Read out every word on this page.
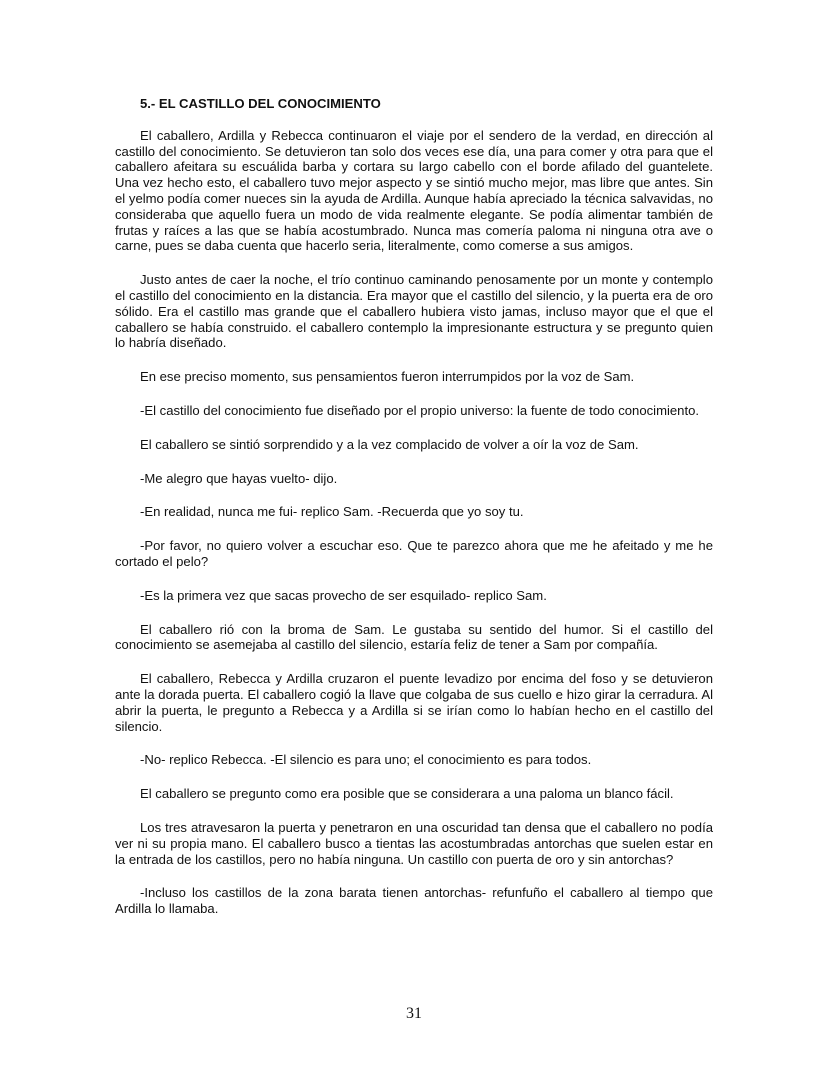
5.- EL CASTILLO DEL CONOCIMIENTO

El caballero, Ardilla y Rebecca continuaron el viaje por el sendero de la verdad, en dirección al castillo del conocimiento. Se detuvieron tan solo dos veces ese día, una para comer y otra para que el caballero afeitara su escuálida barba y cortara su largo cabello con el borde afilado del guantelete. Una vez hecho esto, el caballero tuvo mejor aspecto y se sintió mucho mejor, mas libre que antes. Sin el yelmo podía comer nueces sin la ayuda de Ardilla. Aunque había apreciado la técnica salvavidas, no consideraba que aquello fuera un modo de vida realmente elegante. Se podía alimentar también de frutas y raíces a las que se había acostumbrado. Nunca mas comería paloma ni ninguna otra ave o carne, pues se daba cuenta que hacerlo seria, literalmente, como comerse a sus amigos.

Justo antes de caer la noche, el trío continuo caminando penosamente por un monte y contemplo el castillo del conocimiento en la distancia. Era mayor que el castillo del silencio, y la puerta era de oro sólido. Era el castillo mas grande que el caballero hubiera visto jamas, incluso mayor que el que el caballero se había construido. el caballero contemplo la impresionante estructura y se pregunto quien lo habría diseñado.

En ese preciso momento, sus pensamientos fueron interrumpidos por la voz de Sam.

-El castillo del conocimiento fue diseñado por el propio universo: la fuente de todo conocimiento.

El caballero se sintió sorprendido y a la vez complacido de volver a oír la voz de Sam.

-Me alegro que hayas vuelto- dijo.

-En realidad, nunca me fui- replico Sam. -Recuerda que yo soy tu.

-Por favor, no quiero volver a escuchar eso. Que te parezco ahora que me he afeitado y me he cortado el pelo?

-Es la primera vez que sacas provecho de ser esquilado- replico Sam.

El caballero rió con la broma de Sam. Le gustaba su sentido del humor. Si el castillo del conocimiento se asemejaba al castillo del silencio, estaría feliz de tener a Sam por compañía.

El caballero, Rebecca y Ardilla cruzaron el puente levadizo por encima del foso y se detuvieron ante la dorada puerta. El caballero cogió la llave que colgaba de sus cuello e hizo girar la cerradura. Al abrir la puerta, le pregunto a Rebecca y a Ardilla si se irían como lo habían hecho en el castillo del silencio.

-No- replico Rebecca. -El silencio es para uno; el conocimiento es para todos.

El caballero se pregunto como era posible que se considerara a una paloma un blanco fácil.

Los tres atravesaron la puerta y penetraron en una oscuridad tan densa que el caballero no podía ver ni su propia mano. El caballero busco a tientas las acostumbradas antorchas que suelen estar en la entrada de los castillos, pero no había ninguna. Un castillo con puerta de oro y sin antorchas?

-Incluso los castillos de la zona barata tienen antorchas- refunfuño el caballero al tiempo que Ardilla lo llamaba.

31
